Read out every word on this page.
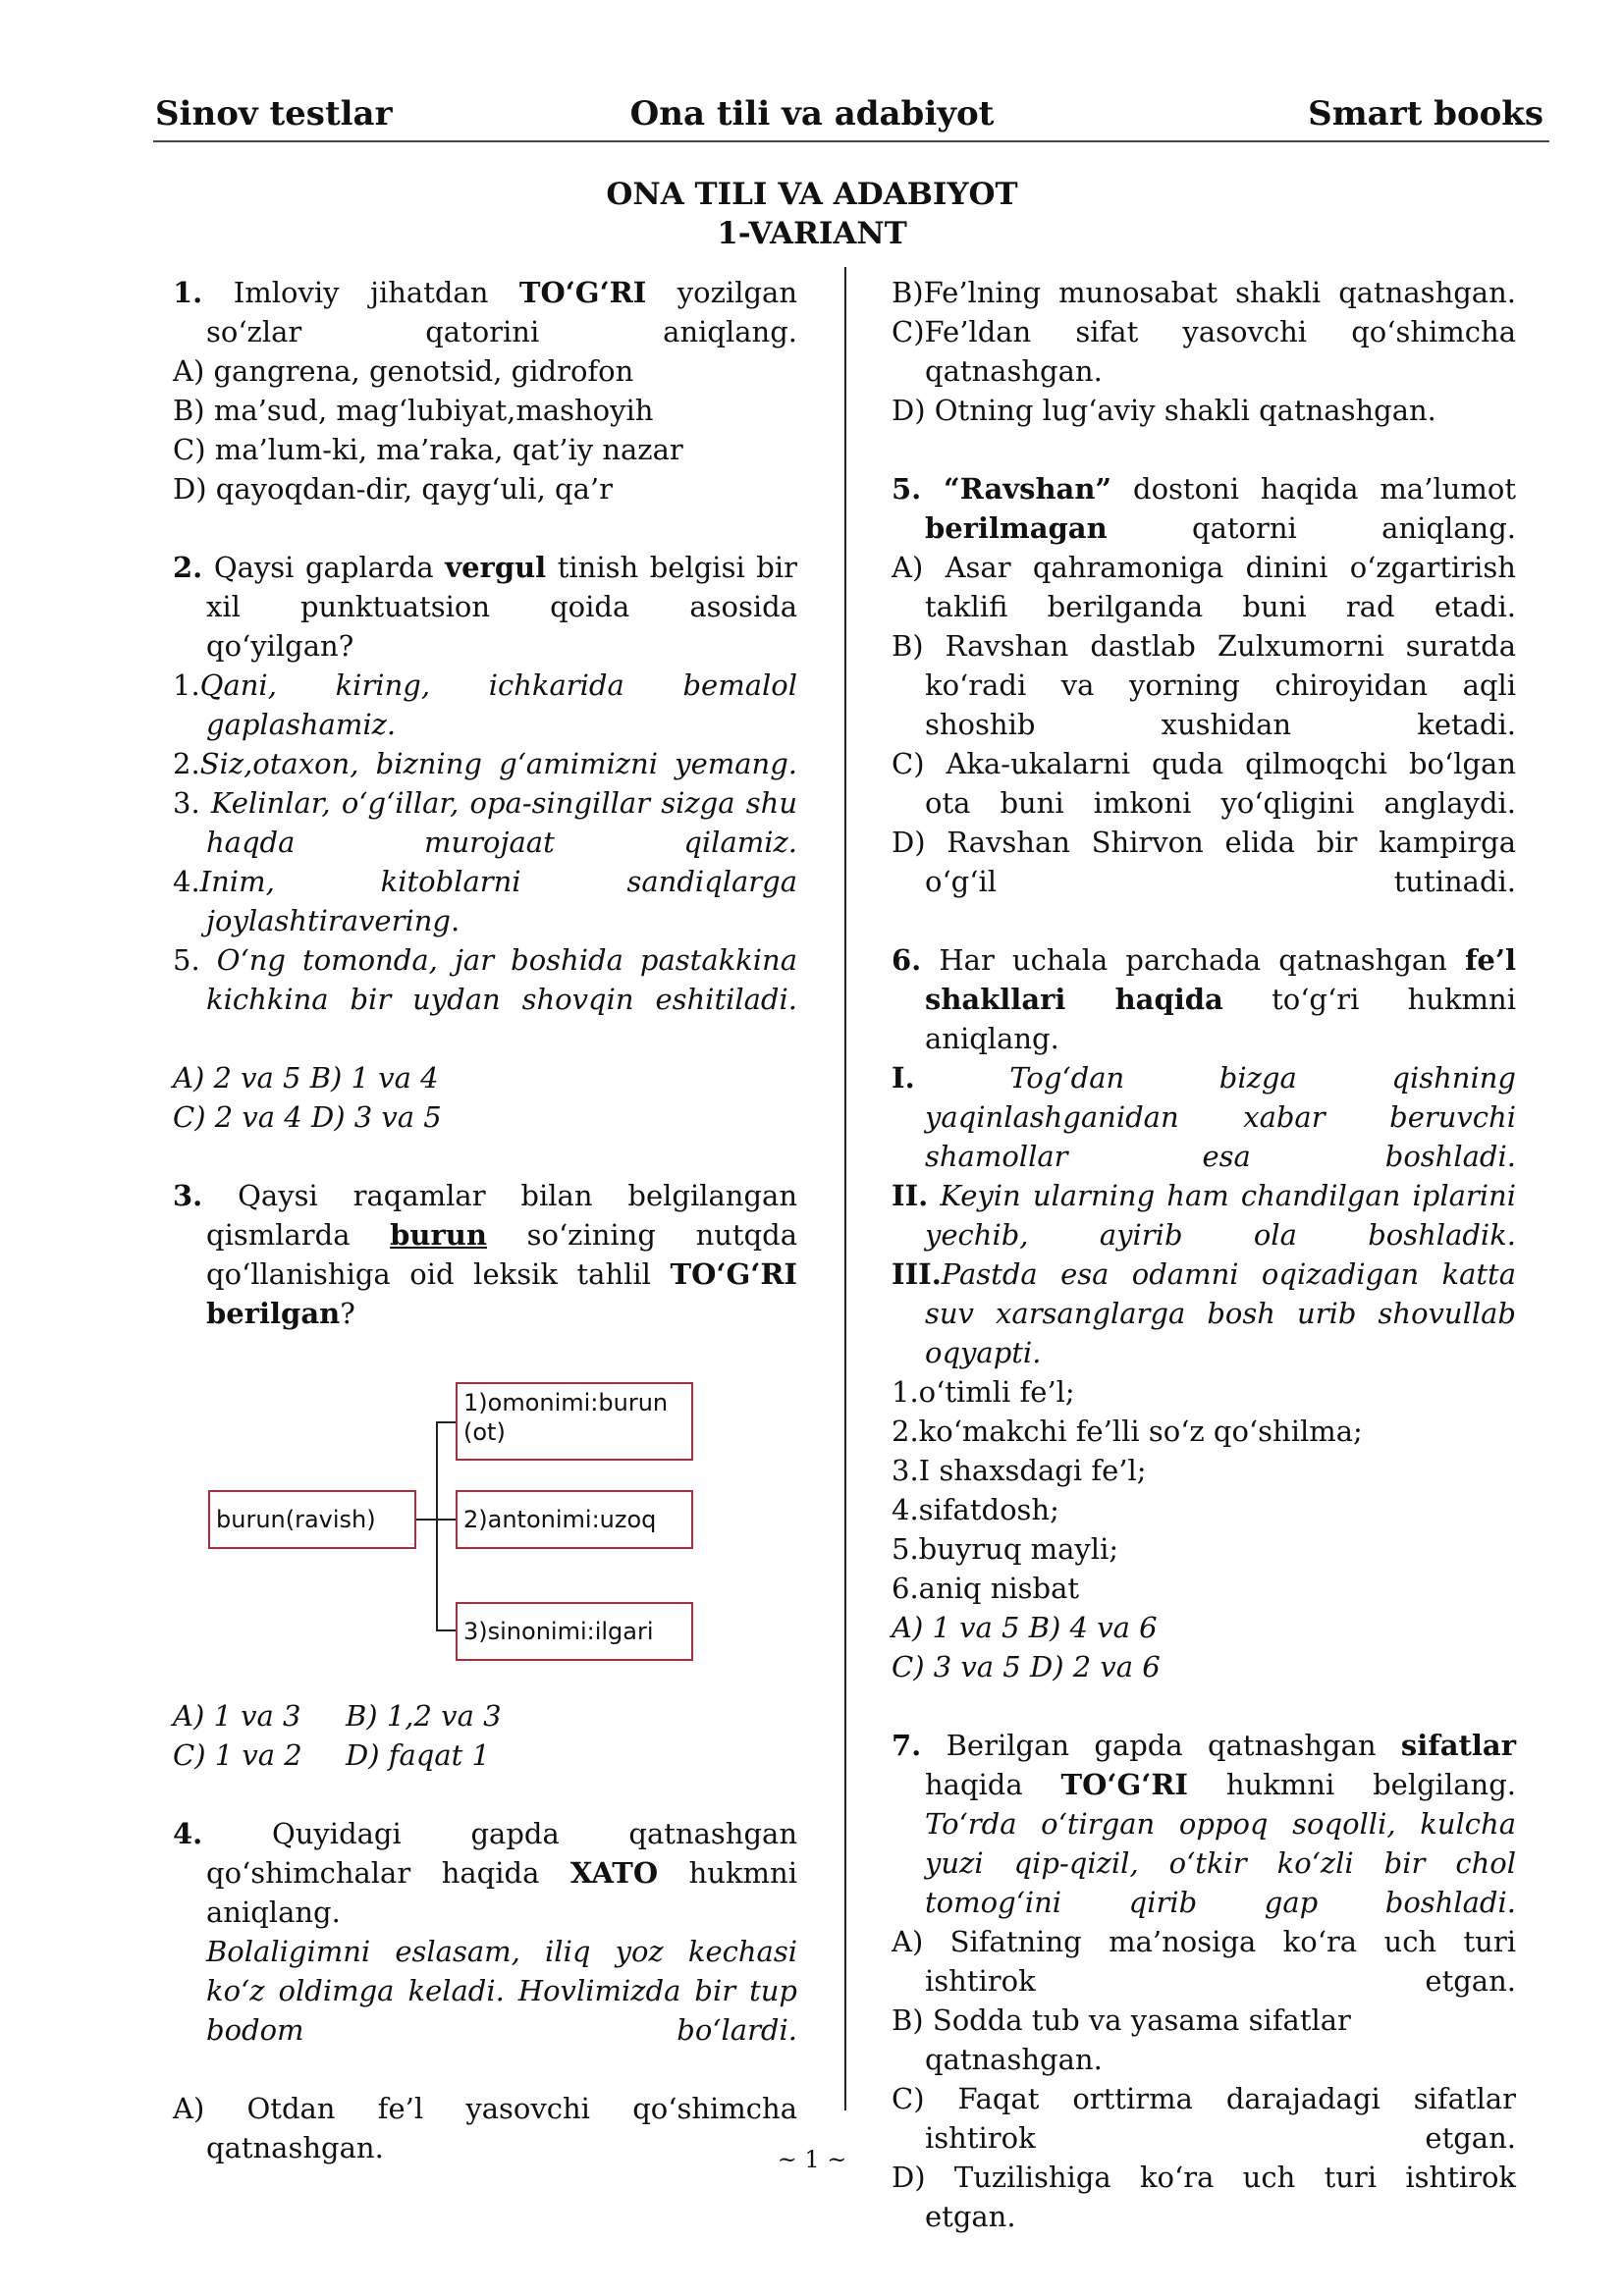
Sinov testlar	Ona tili va adabiyot	Smart books
ONA TILI VA ADABIYOT
1-VARIANT
1. Imloviy jihatdan TO‘G‘RI yozilgan so‘zlar qatorini aniqlang.
A) gangrena, genotsid, gidrofon
B) ma’sud, mag‘lubiyat,mashoyih
C) ma’lum-ki, ma’raka, qat’iy nazar
D) qayoqdan-dir, qayg‘uli, qa’r
2. Qaysi gaplarda vergul tinish belgisi bir xil punktuatsion qoida asosida qo‘yilgan?
1.Qani, kiring, ichkarida bemalol gaplashamiz.
2.Siz,otaxon, bizning g‘amimizni yemang.
3. Kelinlar, o‘g‘illar, opa-singillar sizga shu haqda murojaat qilamiz.
4.Inim, kitoblarni sandiqlarga joylashtiravering.
5. O‘ng tomonda, jar boshida pastakkina kichkina bir uydan shovqin eshitiladi.
A) 2 va 5 B) 1 va 4
C) 2 va 4 D) 3 va 5
3. Qaysi raqamlar bilan belgilangan qismlarda burun so‘zining nutqda qo‘llanishiga oid leksik tahlil TO‘G‘RI berilgan?
burun(ravish)
1)omonimi:burun (ot)
2)antonimi:uzoq
3)sinonimi:ilgari
A) 1 va 3 B) 1,2 va 3
C) 1 va 2 D) faqat 1
4. Quyidagi gapda qatnashgan qo‘shimchalar haqida XATO hukmni aniqlang.
Bolaligimni eslasam, iliq yoz kechasi ko‘z oldimga keladi. Hovlimizda bir tup bodom bo‘lardi.
A) Otdan fe’l yasovchi qo‘shimcha qatnashgan.
B)Fe’lning munosabat shakli qatnashgan.
C)Fe’ldan sifat yasovchi qo‘shimcha qatnashgan.
D) Otning lug‘aviy shakli qatnashgan.
5. “Ravshan” dostoni haqida ma’lumot berilmagan qatorni aniqlang.
A) Asar qahramoniga dinini o‘zgartirish taklifi berilganda buni rad etadi.
B) Ravshan dastlab Zulxumorni suratda ko‘radi va yorning chiroyidan aqli shoshib xushidan ketadi.
C) Aka-ukalarni quda qilmoqchi bo‘lgan ota buni imkoni yo‘qligini anglaydi.
D) Ravshan Shirvon elida bir kampirga o‘g‘il tutinadi.
6. Har uchala parchada qatnashgan fe’l shakllari haqida to‘g‘ri hukmni aniqlang.
I. Tog‘dan bizga qishning yaqinlashganidan xabar beruvchi shamollar esa boshladi.
II. Keyin ularning ham chandilgan iplarini yechib, ayirib ola boshladik.
III.Pastda esa odamni oqizadigan katta suv xarsanglarga bosh urib shovullab oqyapti.
1.o‘timli fe’l;
2.ko‘makchi fe’lli so‘z qo‘shilma;
3.I shaxsdagi fe’l;
4.sifatdosh;
5.buyruq mayli;
6.aniq nisbat
A) 1 va 5 B) 4 va 6
C) 3 va 5 D) 2 va 6
7. Berilgan gapda qatnashgan sifatlar haqida TO‘G‘RI hukmni belgilang.
To‘rda o‘tirgan oppoq soqolli, kulcha yuzi qip-qizil, o‘tkir ko‘zli bir chol tomog‘ini qirib gap boshladi.
A) Sifatning ma’nosiga ko‘ra uch turi ishtirok etgan.
B) Sodda tub va yasama sifatlar qatnashgan.
C) Faqat orttirma darajadagi sifatlar ishtirok etgan.
D) Tuzilishiga ko‘ra uch turi ishtirok etgan.
~ 1 ~
